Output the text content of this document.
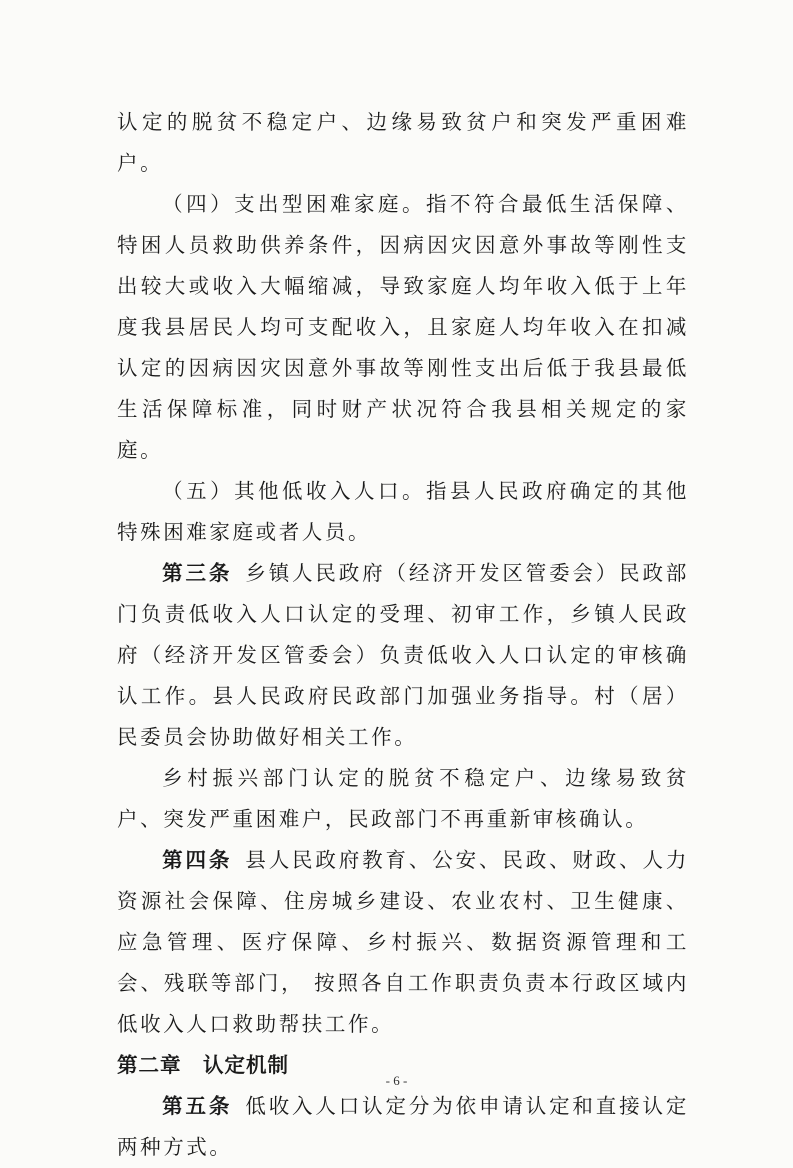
认定的脱贫不稳定户、边缘易致贫户和突发严重困难户。

（四）支出型困难家庭。指不符合最低生活保障、特困人员救助供养条件，因病因灾因意外事故等刚性支出较大或收入大幅缩减，导致家庭人均年收入低于上年度我县居民人均可支配收入，且家庭人均年收入在扣减认定的因病因灾因意外事故等刚性支出后低于我县最低生活保障标准，同时财产状况符合我县相关规定的家庭。

（五）其他低收入人口。指县人民政府确定的其他特殊困难家庭或者人员。

第三条  乡镇人民政府（经济开发区管委会）民政部门负责低收入人口认定的受理、初审工作，乡镇人民政府（经济开发区管委会）负责低收入人口认定的审核确认工作。县人民政府民政部门加强业务指导。村（居）民委员会协助做好相关工作。

乡村振兴部门认定的脱贫不稳定户、边缘易致贫户、突发严重困难户，民政部门不再重新审核确认。

第四条  县人民政府教育、公安、民政、财政、人力资源社会保障、住房城乡建设、农业农村、卫生健康、应急管理、医疗保障、乡村振兴、数据资源管理和工会、残联等部门， 按照各自工作职责负责本行政区域内低收入人口救助帮扶工作。

第二章　认定机制

第五条  低收入人口认定分为依申请认定和直接认定两种方式。

- 6 -
